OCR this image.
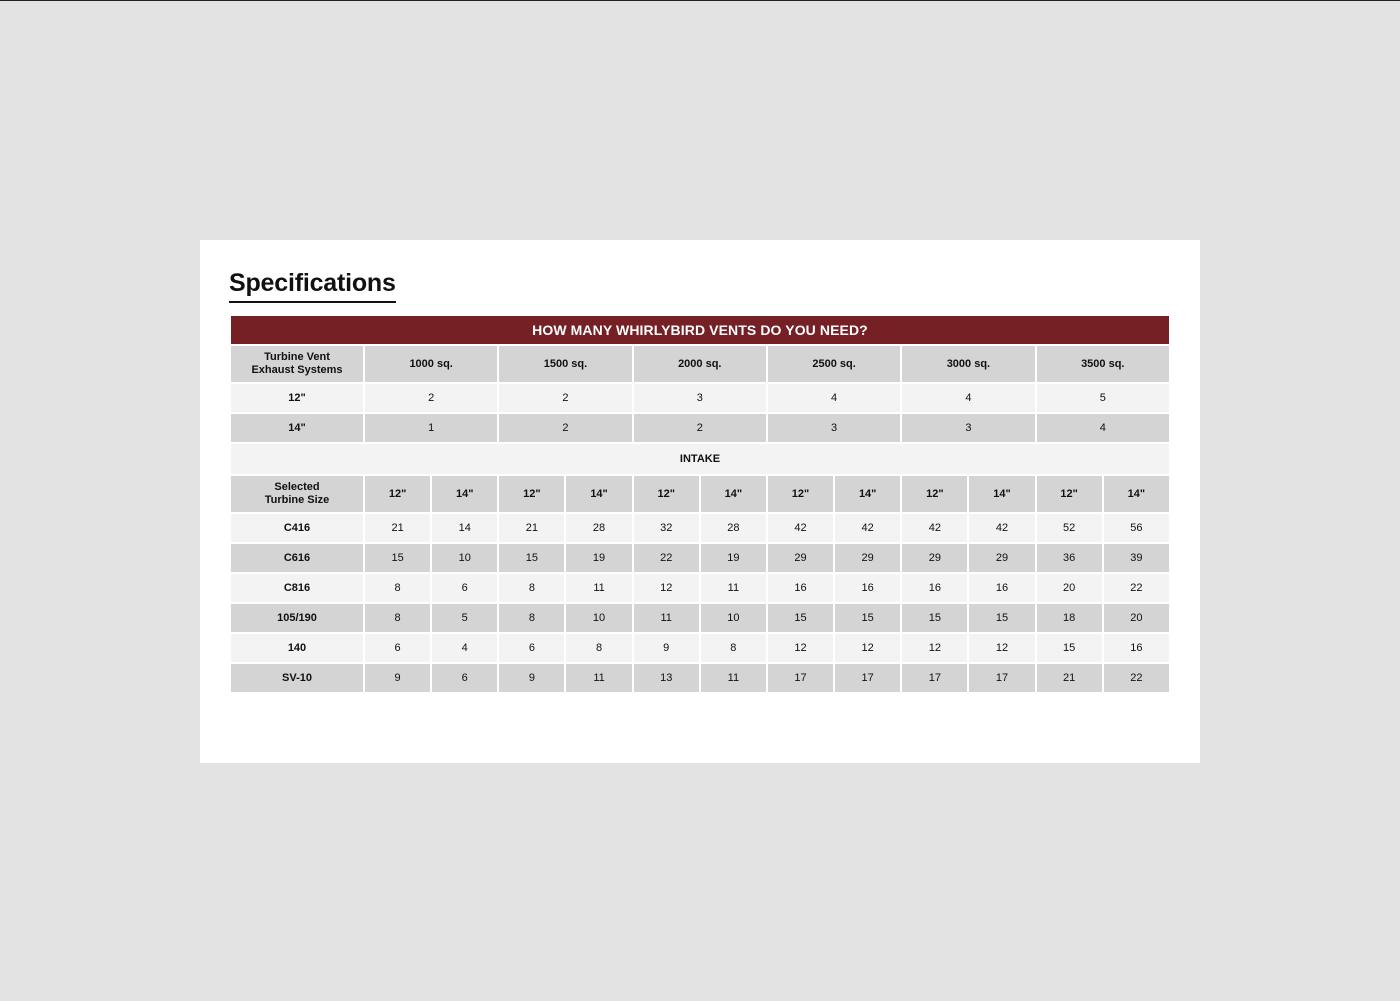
Specifications
HOW MANY WHIRLYBIRD VENTS DO YOU NEED?												

Turbine Vent
Exhaust Systems	1000 sq.		1500 sq.		2000 sq.		2500 sq.		3000 sq.		3500 sq.	
12"	2		2		3		4		4		5	
14"	1		2		2		3		3		4	
INTAKE												

Selected
Turbine Size	12"	14"	12"	14"	12"	14"	12"	14"	12"	14"	12"	14"
C416	21	14	21	28	32	28	42	42	42	42	52	56
C616	15	10	15	19	22	19	29	29	29	29	36	39
C816	8	6	8	11	12	11	16	16	16	16	20	22
105/190	8	5	8	10	11	10	15	15	15	15	18	20
140	6	4	6	8	9	8	12	12	12	12	15	16
SV-10	9	6	9	11	13	11	17	17	17	17	21	22
